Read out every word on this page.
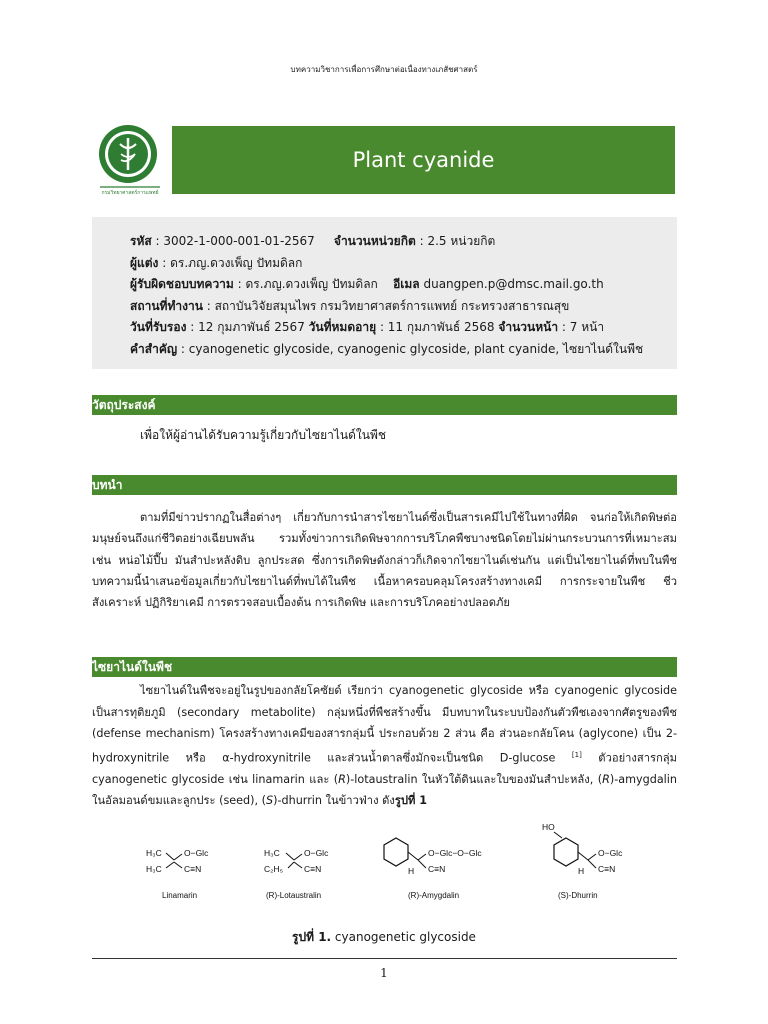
บทความวิชาการเพื่อการศึกษาต่อเนื่องทางเภสัชศาสตร์
กรมวิทยาศาสตร์การแพทย์
Plant cyanide
รหัส : 3002-1-000-001-01-2567 จำนวนหน่วยกิต : 2.5 หน่วยกิต
ผู้แต่ง : ดร.ภญ.ดวงเพ็ญ ปัทมดิลก
ผู้รับผิดชอบบทความ : ดร.ภญ.ดวงเพ็ญ ปัทมดิลก อีเมล duangpen.p@dmsc.mail.go.th
สถานที่ทำงาน : สถาบันวิจัยสมุนไพร กรมวิทยาศาสตร์การแพทย์ กระทรวงสาธารณสุข
วันที่รับรอง : 12 กุมภาพันธ์ 2567 วันที่หมดอายุ : 11 กุมภาพันธ์ 2568 จำนวนหน้า : 7 หน้า
คำสำคัญ : cyanogenetic glycoside, cyanogenic glycoside, plant cyanide, ไซยาไนด์ในพืช
วัตถุประสงค์
เพื่อให้ผู้อ่านได้รับความรู้เกี่ยวกับไซยาไนด์ในพืช
บทนำ
ตามที่มีข่าวปรากฏในสื่อต่างๆ เกี่ยวกับการนำสารไซยาไนด์ซึ่งเป็นสารเคมีไปใช้ในทางที่ผิด จนก่อให้เกิดพิษต่อมนุษย์จนถึงแก่ชีวิตอย่างเฉียบพลัน รวมทั้งข่าวการเกิดพิษจากการบริโภคพืชบางชนิดโดยไม่ผ่านกระบวนการที่เหมาะสม เช่น หน่อไม้ปี๊บ มันสำปะหลังดิบ ลูกประสด ซึ่งการเกิดพิษดังกล่าวก็เกิดจากไซยาไนด์เช่นกัน แต่เป็นไซยาไนด์ที่พบในพืช บทความนี้นำเสนอข้อมูลเกี่ยวกับไซยาไนด์ที่พบได้ในพืช เนื้อหาครอบคลุมโครงสร้างทางเคมี การกระจายในพืช ชีวสังเคราะห์ ปฏิกิริยาเคมี การตรวจสอบเบื้องต้น การเกิดพิษ และการบริโภคอย่างปลอดภัย
ไซยาไนด์ในพืช
ไซยาไนด์ในพืชจะอยู่ในรูปของกลัยโคซัยด์ เรียกว่า cyanogenetic glycoside หรือ cyanogenic glycoside เป็นสารทุติยภูมิ (secondary metabolite) กลุ่มหนึ่งที่พืชสร้างขึ้น มีบทบาทในระบบป้องกันตัวพืชเองจากศัตรูของพืช (defense mechanism) โครงสร้างทางเคมีของสารกลุ่มนี้ ประกอบด้วย 2 ส่วน คือ ส่วนอะกลัยโคน (aglycone) เป็น 2-hydroxynitrile หรือ α-hydroxynitrile และส่วนน้ำตาลซึ่งมักจะเป็นชนิด D-glucose [1] ตัวอย่างสารกลุ่ม cyanogenetic glycoside เช่น linamarin และ (R)-lotaustralin ในหัวใต้ดินและใบของมันสำปะหลัง, (R)-amygdalin ในอัลมอนด์ขมและลูกประ (seed), (S)-dhurrin ในข้าวฟ่าง ดังรูปที่ 1
H₃C
H₃C
O−Glc
C≡N
Linamarin
H₃C
C₂H₅
O−Glc
C≡N
(R)-Lotaustralin
H
O−Glc−O−Glc
C≡N
(R)-Amygdalin
HO
H
O−Glc
C≡N
(S)-Dhurrin
รูปที่ 1. cyanogenetic glycoside
1
